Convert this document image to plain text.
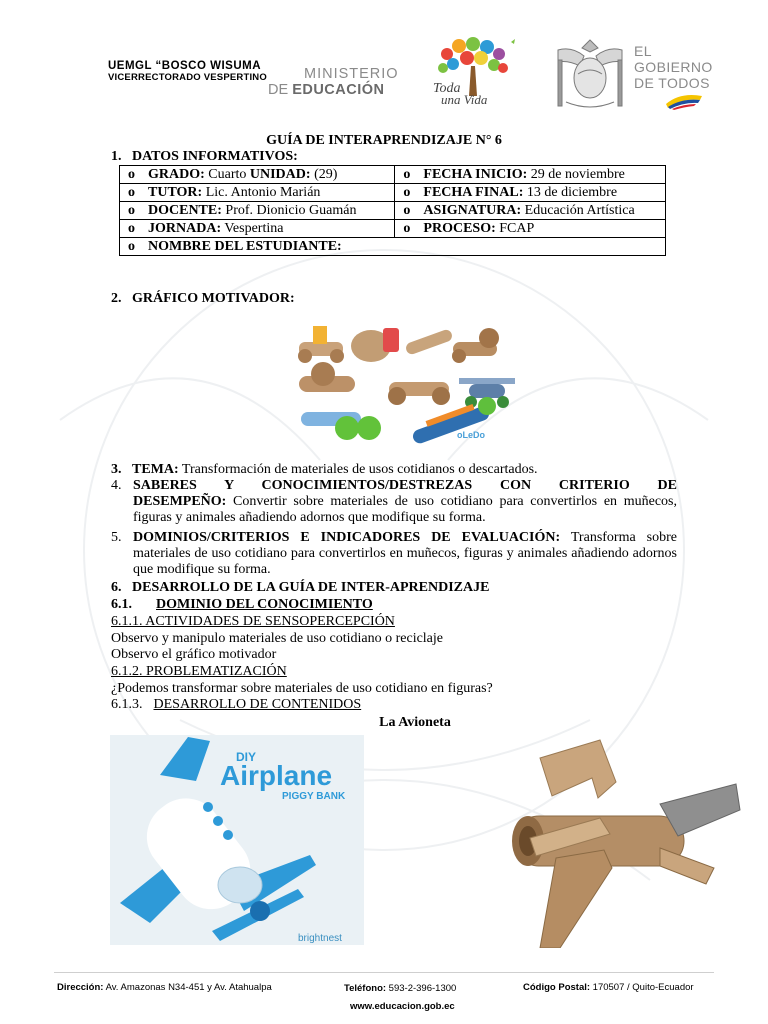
UEMGL “BOSCO WISUMA
VICERRECTORADO VESPERTINO	MINISTERIO
DE EDUCACIÓN	Toda
una Vida
EL
GOBIERNO
DE TODOS
GUÍA DE INTERAPRENDIZAJE N° 6
1. DATOS INFORMATIVOS:
o GRADO: Cuarto UNIDAD: (29)	o FECHA INICIO: 29 de noviembre
o TUTOR: Lic. Antonio Marián	o FECHA FINAL: 13 de diciembre
o DOCENTE: Prof. Dionicio Guamán	o ASIGNATURA: Educación Artística
o JORNADA: Vespertina	o PROCESO: FCAP
o NOMBRE DEL ESTUDIANTE:	
2. GRÁFICO MOTIVADOR:
oLeDo
3. TEMA: Transformación de materiales de usos cotidianos o descartados.
4. SABERES Y CONOCIMIENTOS/DESTREZAS CON CRITERIO DE
DESEMPEÑO: Convertir sobre materiales de uso cotidiano para convertirlos en muñecos, figuras y animales añadiendo adornos que modifique su forma.
5. DOMINIOS/CRITERIOS E INDICADORES DE EVALUACIÓN: Transforma sobre materiales de uso cotidiano para convertirlos en muñecos, figuras y animales añadiendo adornos que modifique su forma.
6. DESARROLLO DE LA GUÍA DE INTER-APRENDIZAJE
6.1. DOMINIO DEL CONOCIMIENTO
6.1.1. ACTIVIDADES DE SENSOPERCEPCIÓN
Observo y manipulo materiales de uso cotidiano o reciclaje
Observo el gráfico motivador
6.1.2. PROBLEMATIZACIÓN
¿Podemos transformar sobre materiales de uso cotidiano en figuras?
6.1.3. DESARROLLO DE CONTENIDOS
La Avioneta
DIY
Airplane
PIGGY BANK
brightnest
Dirección: Av. Amazonas N34-451 y Av. Atahualpa	Teléfono: 593-2-396-1300	Código Postal: 170507 / Quito-Ecuador
www.educacion.gob.ec
